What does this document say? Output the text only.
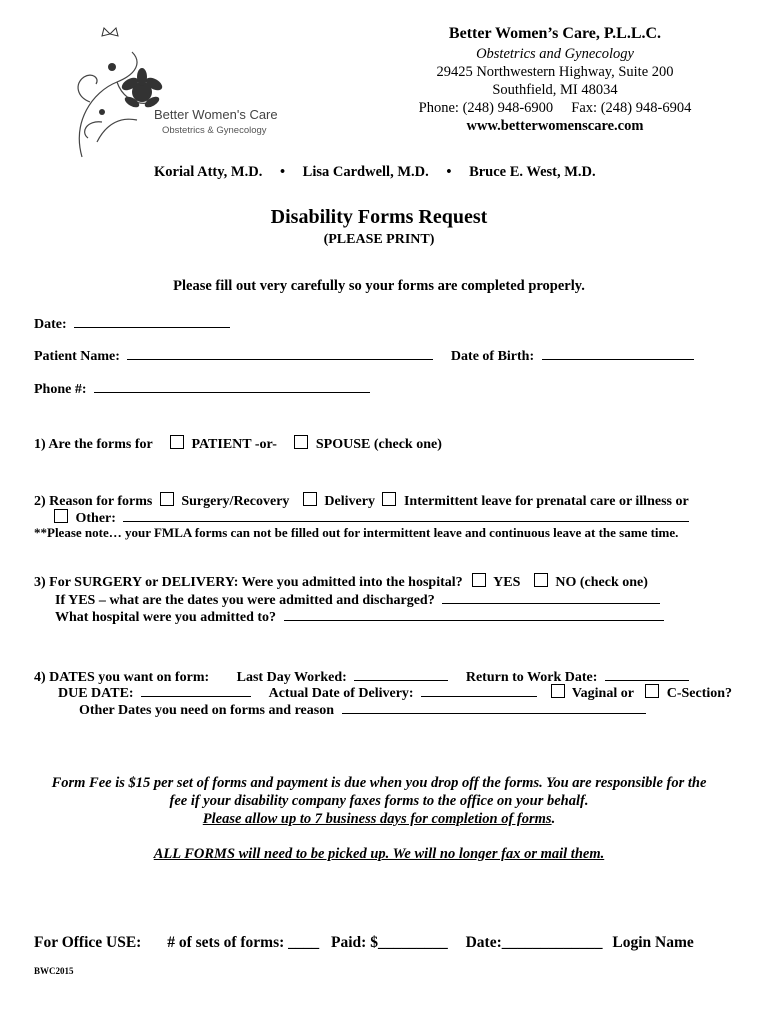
Better Women's Care
Obstetrics & Gynecology
Better Women’s Care, P.L.L.C.
Obstetrics and Gynecology
29425 Northwestern Highway, Suite 200
Southfield, MI 48034
Phone: (248) 948-6900     Fax: (248) 948-6904
www.betterwomenscare.com
Korial Atty, M.D. • Lisa Cardwell, M.D. • Bruce E. West, M.D.
Disability Forms Request
(PLEASE PRINT)
Please fill out very carefully so your forms are completed properly.
Date:
Patient Name:	Date of Birth:
Phone #:
1) Are the forms for	PATIENT -or-	SPOUSE (check one)
2) Reason for forms Surgery/Recovery	Delivery Intermittent leave for prenatal care or illness or
Other:
**Please note… your FMLA forms can not be filled out for intermittent leave and continuous leave at the same time.
3) For SURGERY or DELIVERY: Were you admitted into the hospital? YES	NO (check one)
If YES – what are the dates you were admitted and discharged?
What hospital were you admitted to?
4) DATES you want on form: Last Day Worked:	Return to Work Date:
DUE DATE:	Actual Date of Delivery:	Vaginal or C-Section?
Other Dates you need on forms and reason
Form Fee is $15 per set of forms and payment is due when you drop off the forms. You are responsible for the
fee if your disability company faxes forms to the office on your behalf.
Please allow up to 7 business days for completion of forms.
ALL FORMS will need to be picked up. We will no longer fax or mail them.
For Office USE: # of sets of forms: ____ Paid: $_________ Date:_____________ Login Name
BWC2015
